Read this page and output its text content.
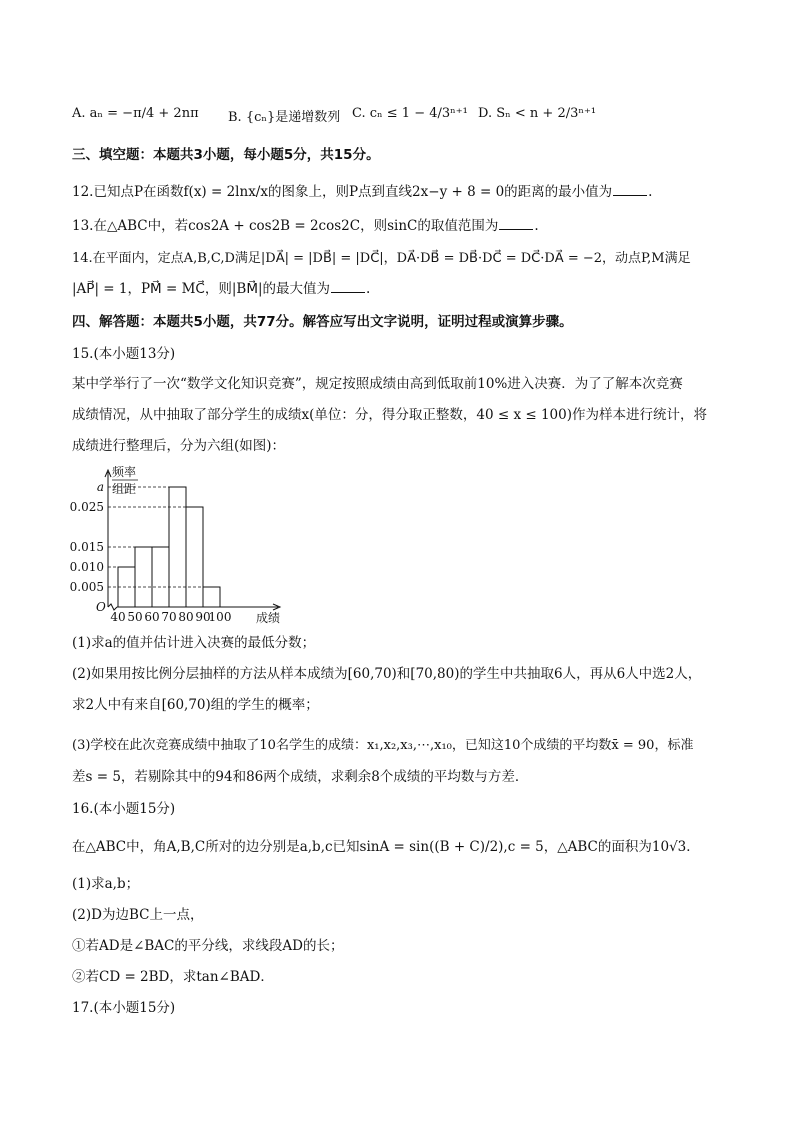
A. aₙ = −π/4 + 2nπ B. {cₙ}是递增数列 C. cₙ ≤ 1 − 4/3ⁿ⁺¹ D. Sₙ < n + 2/3ⁿ⁺¹
三、填空题：本题共3小题，每小题5分，共15分。
12.已知点P在函数f(x) = 2lnx/x的图象上，则P点到直线2x−y + 8 = 0的距离的最小值为	.
13.在△ABC中，若cos2A + cos2B = 2cos2C，则sinC的取值范围为	.
14.在平面内，定点A,B,C,D满足|DA⃗| = |DB⃗| = |DC⃗|，DA⃗·DB⃗ = DB⃗·DC⃗ = DC⃗·DA⃗ = −2，动点P,M满足
|AP⃗| = 1，PM⃗ = MC⃗，则|BM⃗|的最大值为	.
四、解答题：本题共5小题，共77分。解答应写出文字说明，证明过程或演算步骤。
15.(本小题13分)
某中学举行了一次“数学文化知识竞赛”，规定按照成绩由高到低取前10%进入决赛．为了了解本次竞赛
成绩情况，从中抽取了部分学生的成绩x(单位：分，得分取正整数，40 ≤ x ≤ 100)作为样本进行统计，将
成绩进行整理后，分为六组(如图)：
0.005
0.010
0.015
0.025
a
40 50 60 70 80 90
100
O
频率
组距
成绩
(1)求a的值并估计进入决赛的最低分数；
(2)如果用按比例分层抽样的方法从样本成绩为[60,70)和[70,80)的学生中共抽取6人，再从6人中选2人，
求2人中有来自[60,70)组的学生的概率；
(3)学校在此次竞赛成绩中抽取了10名学生的成绩：x₁,x₂,x₃,⋯,x₁₀，已知这10个成绩的平均数x̄ = 90，标准
差s = 5，若剔除其中的94和86两个成绩，求剩余8个成绩的平均数与方差．
16.(本小题15分)
在△ABC中，角A,B,C所对的边分别是a,b,c已知sinA = sin((B + C)/2),c = 5，△ABC的面积为10√3．
(1)求a,b；
(2)D为边BC上一点，
①若AD是∠BAC的平分线，求线段AD的长；
②若CD = 2BD，求tan∠BAD．
17.(本小题15分)
